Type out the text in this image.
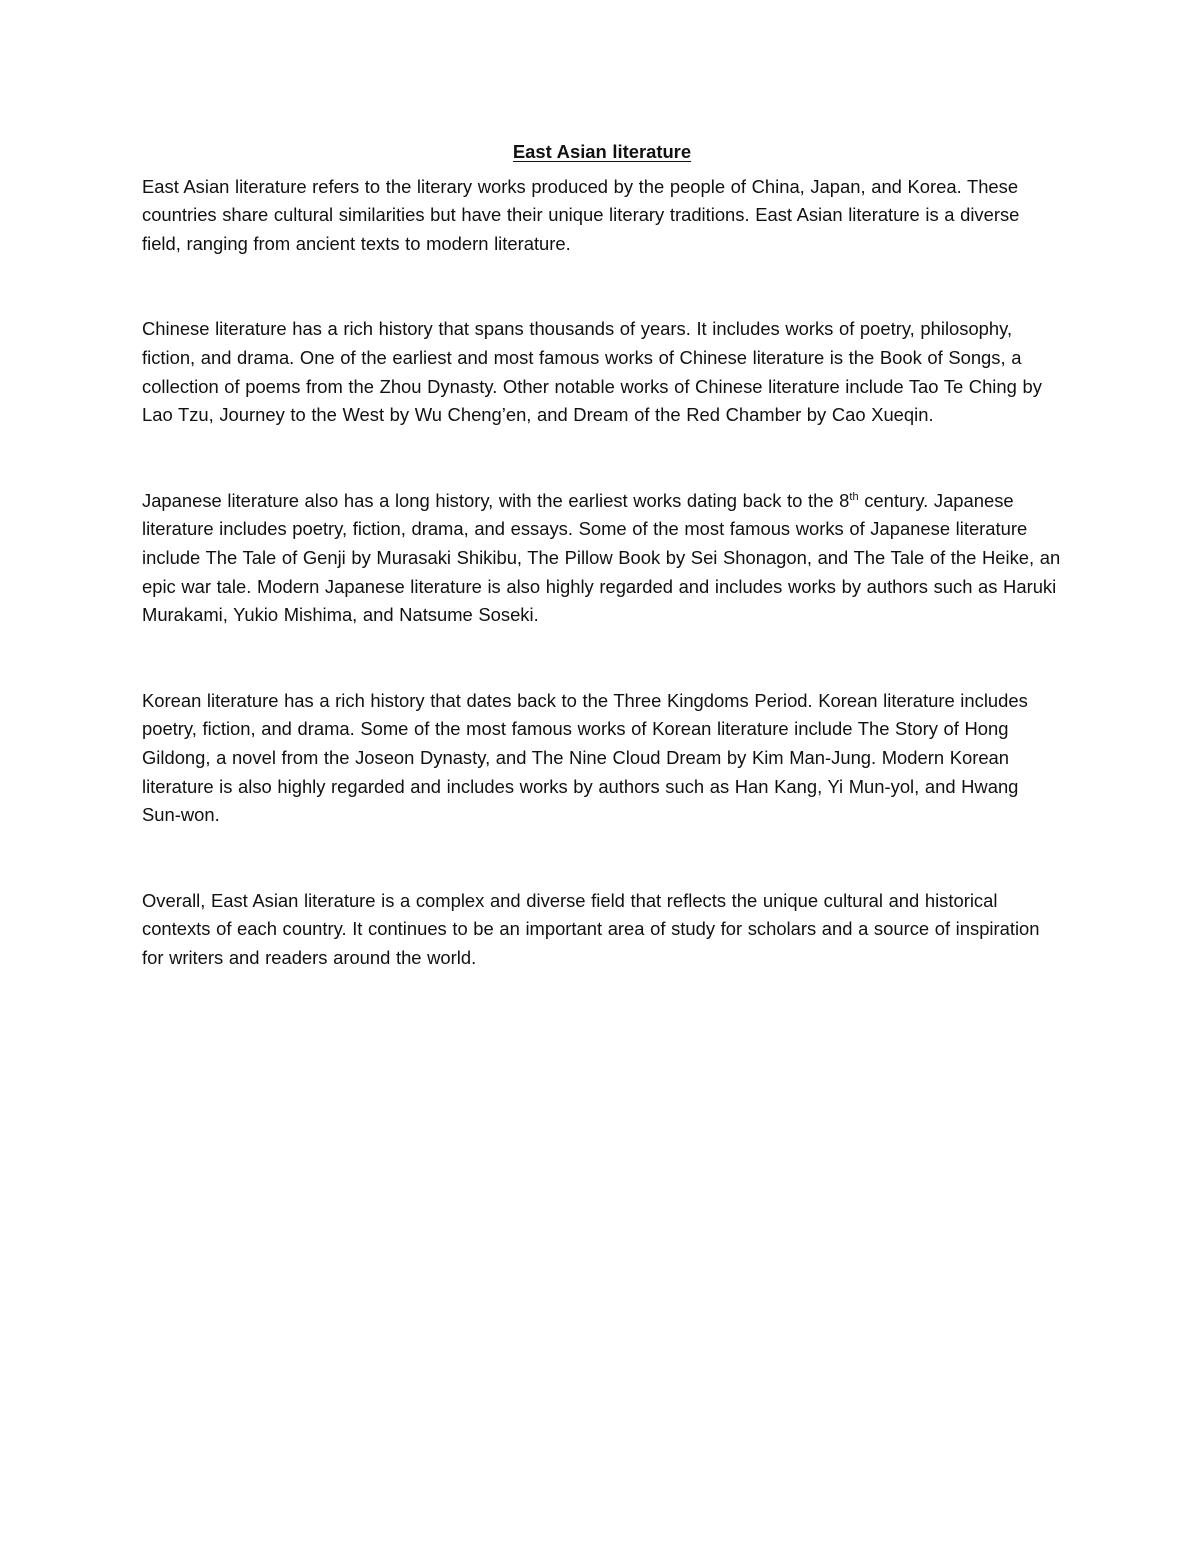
East Asian literature

East Asian literature refers to the literary works produced by the people of China, Japan, and Korea. These countries share cultural similarities but have their unique literary traditions. East Asian literature is a diverse field, ranging from ancient texts to modern literature.

Chinese literature has a rich history that spans thousands of years. It includes works of poetry, philosophy, fiction, and drama. One of the earliest and most famous works of Chinese literature is the Book of Songs, a collection of poems from the Zhou Dynasty. Other notable works of Chinese literature include Tao Te Ching by Lao Tzu, Journey to the West by Wu Cheng’en, and Dream of the Red Chamber by Cao Xueqin.

Japanese literature also has a long history, with the earliest works dating back to the 8th century. Japanese literature includes poetry, fiction, drama, and essays. Some of the most famous works of Japanese literature include The Tale of Genji by Murasaki Shikibu, The Pillow Book by Sei Shonagon, and The Tale of the Heike, an epic war tale. Modern Japanese literature is also highly regarded and includes works by authors such as Haruki Murakami, Yukio Mishima, and Natsume Soseki.

Korean literature has a rich history that dates back to the Three Kingdoms Period. Korean literature includes poetry, fiction, and drama. Some of the most famous works of Korean literature include The Story of Hong Gildong, a novel from the Joseon Dynasty, and The Nine Cloud Dream by Kim Man-Jung. Modern Korean literature is also highly regarded and includes works by authors such as Han Kang, Yi Mun-yol, and Hwang Sun-won.

Overall, East Asian literature is a complex and diverse field that reflects the unique cultural and historical contexts of each country. It continues to be an important area of study for scholars and a source of inspiration for writers and readers around the world.
